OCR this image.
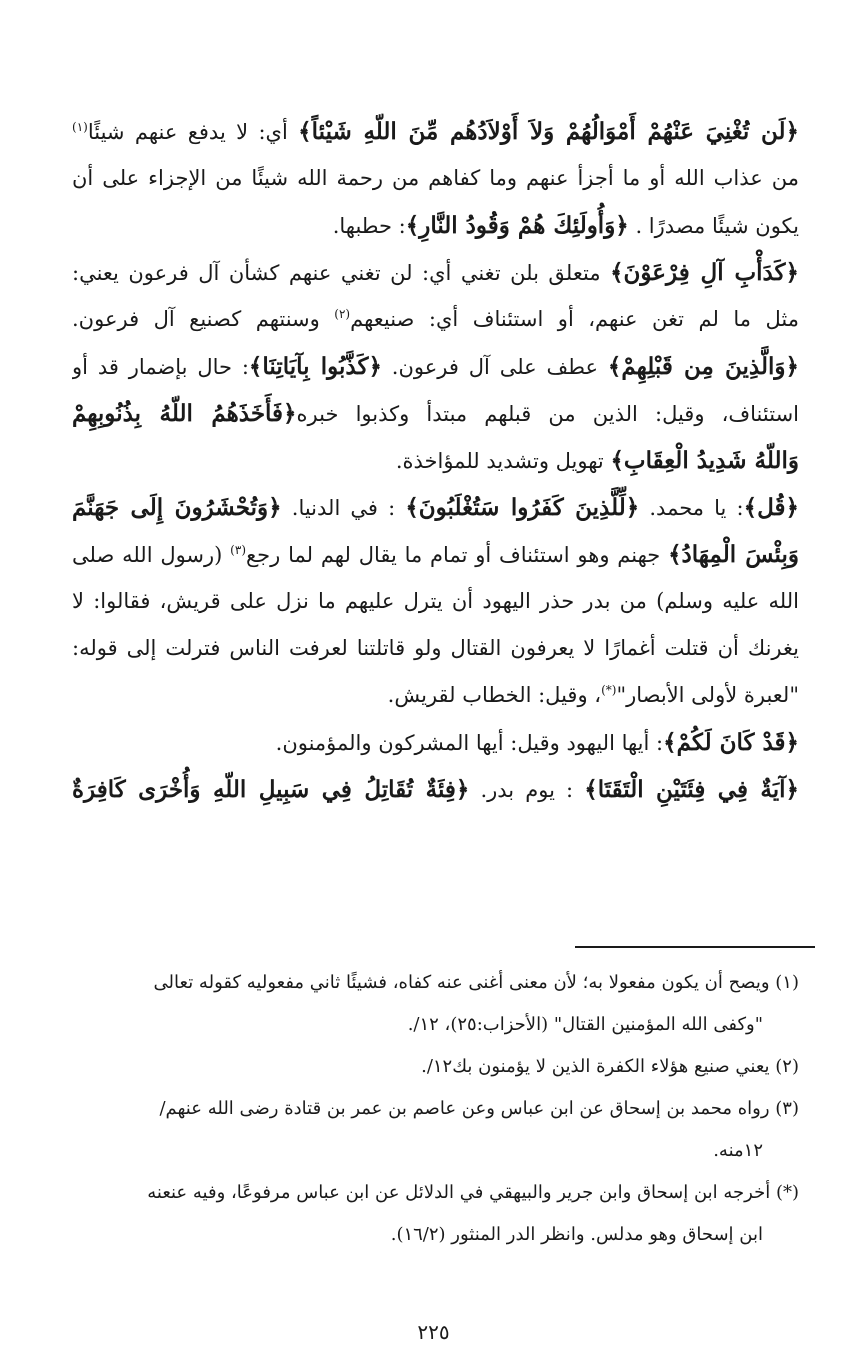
﴿لَن تُغْنِيَ عَنْهُمْ أَمْوَالُهُمْ وَلاَ أَوْلاَدُهُم مِّنَ اللّهِ شَيْئاً﴾ أي: لا يدفع عنهم شيئًا$^{(١)}$
من عذاب الله أو ما أجزأ عنهم وما كفاهم من رحمة الله شيئًا من الإجزاء على أن
يكون شيئًا مصدرًا . ﴿وَأُولَئِكَ هُمْ وَقُودُ النَّارِ﴾: حطبها.
﴿كَدَأْبِ آلِ فِرْعَوْنَ﴾ متعلق بلن تغني أي: لن تغني عنهم كشأن آل فرعون يعني:
مثل ما لم تغن عنهم، أو استئناف أي: صنيعهم$^{(٢)}$ وسنتهم كصنيع آل فرعون.
﴿وَالَّذِينَ مِن قَبْلِهِمْ﴾ عطف على آل فرعون. ﴿كَذَّبُوا بِآيَاتِنَا﴾: حال بإضمار قد أو
استئناف، وقيل: الذين من قبلهم مبتدأ وكذبوا خبره﴿فَأَخَذَهُمُ اللّهُ بِذُنُوبِهِمْ
وَاللّهُ شَدِيدُ الْعِقَابِ﴾ تهويل وتشديد للمؤاخذة.
﴿قُل﴾: يا محمد. ﴿لِّلَّذِينَ كَفَرُوا سَتُغْلَبُونَ﴾ : في الدنيا. ﴿وَتُحْشَرُونَ إِلَى جَهَنَّمَ
وَبِئْسَ الْمِهَادُ﴾ جهنم وهو استئناف أو تمام ما يقال لهم لما رجع$^{(٣)}$ (رسول الله صلى
الله عليه وسلم) من بدر حذر اليهود أن يترل عليهم ما نزل على قريش، فقالوا: لا
يغرنك أن قتلت أغمارًا لا يعرفون القتال ولو قاتلتنا لعرفت الناس فترلت إلى قوله:
"لعبرة لأولى الأبصار"(*)، وقيل: الخطاب لقريش.
﴿قَدْ كَانَ لَكُمْ﴾: أيها اليهود وقيل: أيها المشركون والمؤمنون.
﴿آيَةٌ فِي فِئَتَيْنِ الْتَقَتَا﴾ : يوم بدر. ﴿فِئَةٌ تُقَاتِلُ فِي سَبِيلِ اللّهِ وَأُخْرَى كَافِرَةٌ
(١) ويصح أن يكون مفعولا به؛ لأن معنى أغنى عنه كفاه، فشيئًا ثاني مفعوليه كقوله تعالى
"وكفى الله المؤمنين القتال" (الأحزاب:٢٥)، ١٢/.
(٢) يعني صنيع هؤلاء الكفرة الذين لا يؤمنون بك١٢/.
(٣) رواه محمد بن إسحاق عن ابن عباس وعن عاصم بن عمر بن قتادة رضى الله عنهم/
١٢منه.
(*) أخرجه ابن إسحاق وابن جرير والبيهقي في الدلائل عن ابن عباس مرفوعًا، وفيه عنعنه
ابن إسحاق وهو مدلس. وانظر الدر المنثور (١٦/٢).
٢٢٥
